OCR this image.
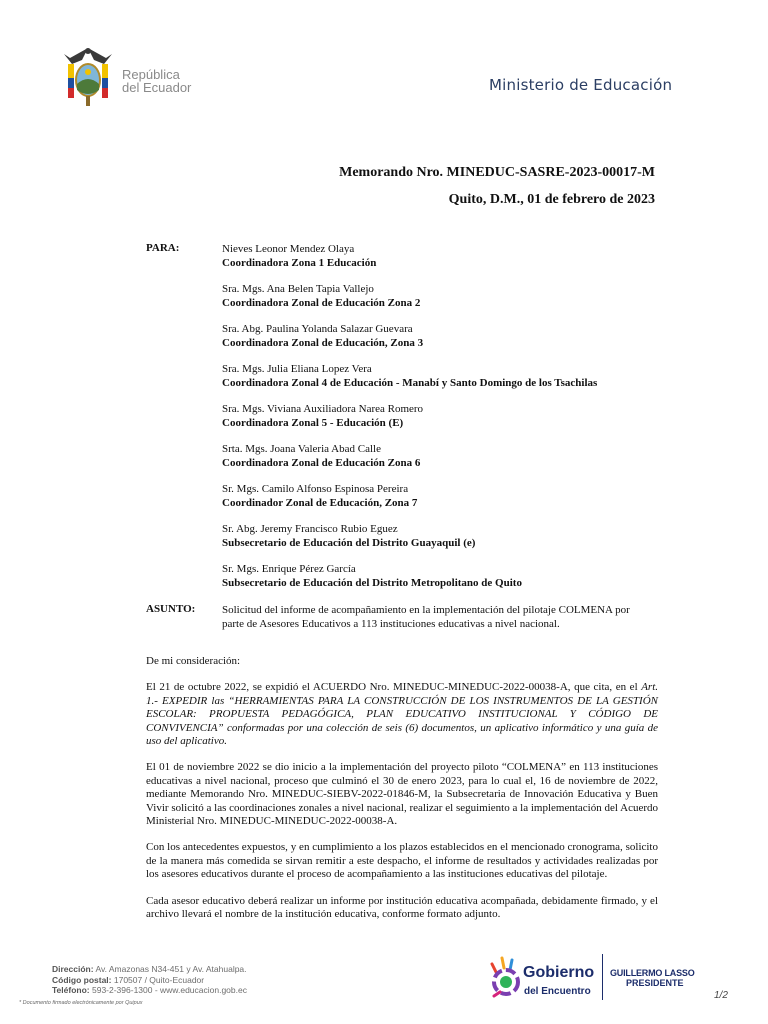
República
del Ecuador	Ministerio de Educación
Memorando Nro. MINEDUC-SASRE-2023-00017-M
Quito, D.M., 01 de febrero de 2023
PARA:	Nieves Leonor Mendez Olaya
Coordinadora Zona 1 Educación
Sra. Mgs. Ana Belen Tapia Vallejo
Coordinadora Zonal de Educación Zona 2
Sra. Abg. Paulina Yolanda Salazar Guevara
Coordinadora Zonal de Educación, Zona 3
Sra. Mgs. Julia Eliana Lopez Vera
Coordinadora Zonal 4 de Educación - Manabí y Santo Domingo de los Tsachilas
Sra. Mgs. Viviana Auxiliadora Narea Romero
Coordinadora Zonal 5 - Educación (E)
Srta. Mgs. Joana Valeria Abad Calle
Coordinadora Zonal de Educación Zona 6
Sr. Mgs. Camilo Alfonso Espinosa Pereira
Coordinador Zonal de Educación, Zona 7
Sr. Abg. Jeremy Francisco Rubio Eguez
Subsecretario de Educación del Distrito Guayaquil (e)
Sr. Mgs. Enrique Pérez García
Subsecretario de Educación del Distrito Metropolitano de Quito
ASUNTO: Solicitud del informe de acompañamiento en la implementación del pilotaje COLMENA por parte de Asesores Educativos a 113 instituciones educativas a nivel nacional.

De mi consideración:

El 21 de octubre 2022, se expidió el ACUERDO Nro. MINEDUC-MINEDUC-2022-00038-A, que cita, en el Art. 1.- EXPEDIR las “HERRAMIENTAS PARA LA CONSTRUCCIÓN DE LOS INSTRUMENTOS DE LA GESTIÓN ESCOLAR: PROPUESTA PEDAGÓGICA, PLAN EDUCATIVO INSTITUCIONAL Y CÓDIGO DE CONVIVENCIA” conformadas por una colección de seis (6) documentos, un aplicativo informático y una guía de uso del aplicativo.

El 01 de noviembre 2022 se dio inicio a la implementación del proyecto piloto “COLMENA” en 113 instituciones educativas a nivel nacional, proceso que culminó el 30 de enero 2023, para lo cual el, 16 de noviembre de 2022, mediante Memorando Nro. MINEDUC-SIEBV-2022-01846-M, la Subsecretaria de Innovación Educativa y Buen Vivir solicitó a las coordinaciones zonales a nivel nacional, realizar el seguimiento a la implementación del Acuerdo Ministerial Nro. MINEDUC-MINEDUC-2022-00038-A.

Con los antecedentes expuestos, y en cumplimiento a los plazos establecidos en el mencionado cronograma, solicito de la manera más comedida se sirvan remitir a este despacho, el informe de resultados y actividades realizadas por los asesores educativos durante el proceso de acompañamiento a las instituciones educativas del pilotaje.

Cada asesor educativo deberá realizar un informe por institución educativa acompañada, debidamente firmado, y el archivo llevará el nombre de la institución educativa, conforme formato adjunto.

Dirección: Av. Amazonas N34-451 y Av. Atahualpa.
Código postal: 170507 / Quito-Ecuador
Teléfono: 593-2-396-1300 - www.educacion.gob.ec
* Documento firmado electrónicamente por Quipux
Gobierno
del Encuentro
GUILLERMO LASSO
PRESIDENTE
1/2
